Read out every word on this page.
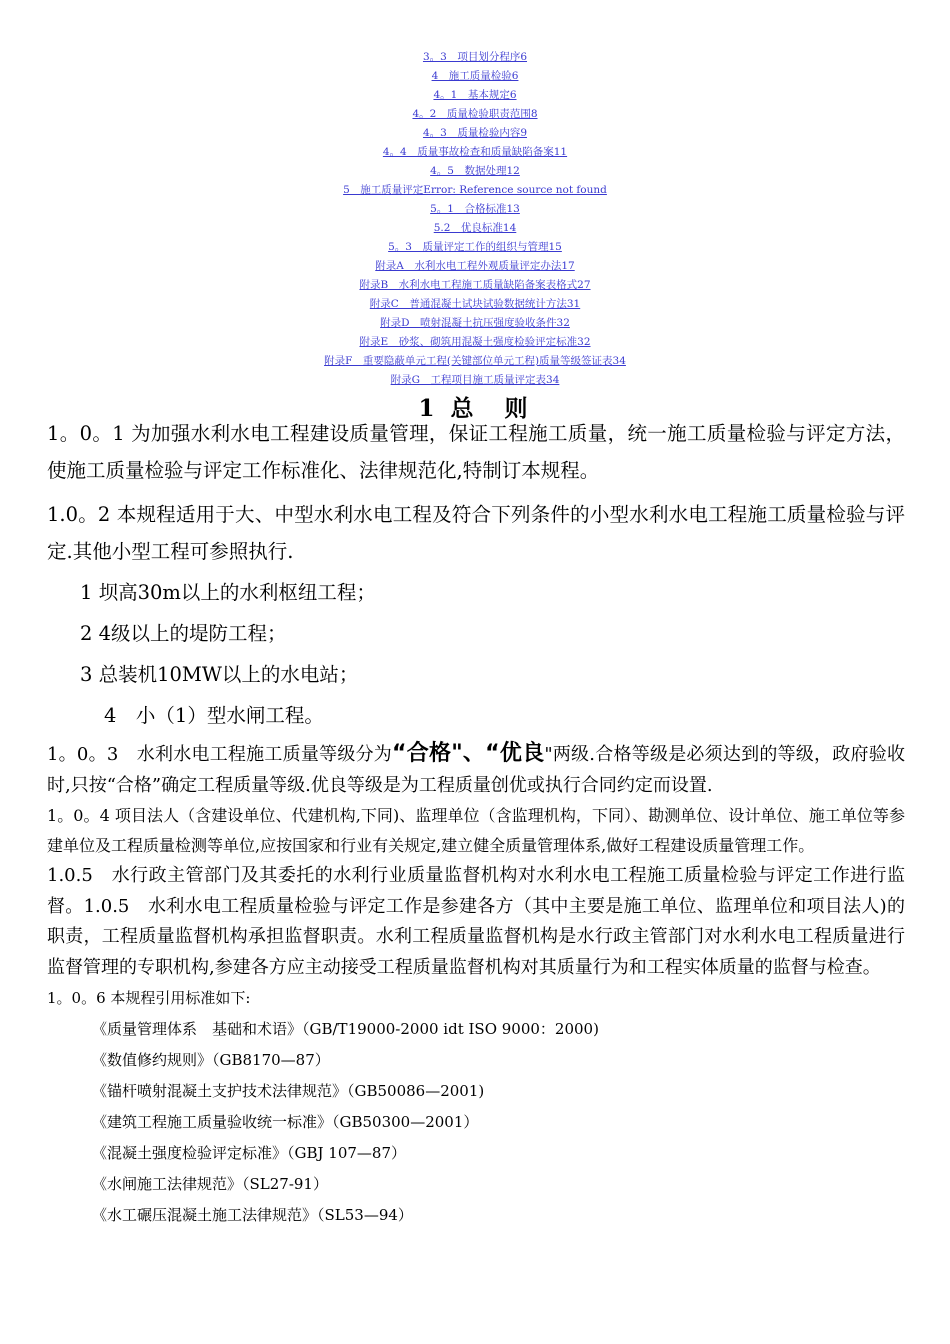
3。3　项目划分程序6
4　施工质量检验6
4。1　基本规定6
4。2　质量检验职责范围8
4。3　质量检验内容9
4。4　质量事故检查和质量缺陷备案11
4。5　数据处理12
5　施工质量评定Error: Reference source not found
5。1　合格标准13
5.2　优良标准14
5。3　质量评定工作的组织与管理15
附录A　水利水电工程外观质量评定办法17
附录B　水利水电工程施工质量缺陷备案表格式27
附录C　普通混凝土试块试验数据统计方法31
附录D　喷射混凝土抗压强度验收条件32
附录E　砂浆、砌筑用混凝土强度检验评定标准32
附录F　重要隐蔽单元工程(关键部位单元工程)质量等级签证表34
附录G　工程项目施工质量评定表34
1 总　则

1。0。1 为加强水利水电工程建设质量管理，保证工程施工质量，统一施工质量检验与评定方法，使施工质量检验与评定工作标准化、法律规范化,特制订本规程。

1.0。2 本规程适用于大、中型水利水电工程及符合下列条件的小型水利水电工程施工质量检验与评定.其他小型工程可参照执行.

1 坝高30m以上的水利枢纽工程；
2 4级以上的堤防工程；
3 总装机10MW以上的水电站；
4　小（1）型水闸工程。

1。0。3　水利水电工程施工质量等级分为“合格"、“优良"两级.合格等级是必须达到的等级，政府验收时,只按“合格”确定工程质量等级.优良等级是为工程质量创优或执行合同约定而设置.

1。0。4 项目法人（含建设单位、代建机构,下同)、监理单位（含监理机构，下同）、勘测单位、设计单位、施工单位等参建单位及工程质量检测等单位,应按国家和行业有关规定,建立健全质量管理体系,做好工程建设质量管理工作。

1.0.5　水行政主管部门及其委托的水利行业质量监督机构对水利水电工程施工质量检验与评定工作进行监督。1.0.5　水利水电工程质量检验与评定工作是参建各方（其中主要是施工单位、监理单位和项目法人)的职责，工程质量监督机构承担监督职责。水利工程质量监督机构是水行政主管部门对水利水电工程质量进行监督管理的专职机构,参建各方应主动接受工程质量监督机构对其质量行为和工程实体质量的监督与检查。

1。0。6 本规程引用标准如下:

《质量管理体系　基础和术语》（GB/T19000-2000 idt ISO 9000：2000)
《数值修约规则》（GB8170—87）
《锚杆喷射混凝土支护技术法律规范》（GB50086—2001)
《建筑工程施工质量验收统一标准》（GB50300—2001）
《混凝土强度检验评定标准》（GBJ 107—87）
《水闸施工法律规范》（SL27-91）
《水工碾压混凝土施工法律规范》（SL53—94）
